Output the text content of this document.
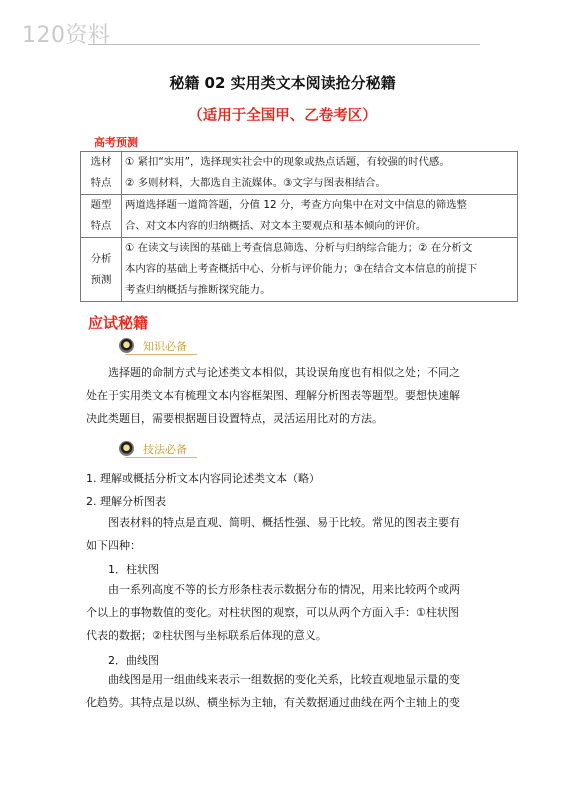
120资料
秘籍 02 实用类文本阅读抢分秘籍
（适用于全国甲、乙卷考区）
高考预测
选材
特点	① 紧扣“实用”，选择现实社会中的现象或热点话题，有较强的时代感。
② 多则材料，大都选自主流媒体。③文字与图表相结合。

题型
特点	两道选择题一道简答题，分值 12 分，考查方向集中在对文中信息的筛选整
合、对文本内容的归纳概括、对文本主要观点和基本倾向的评价。

分析
预测	① 在读文与读图的基础上考查信息筛选、分析与归纳综合能力；② 在分析文
本内容的基础上考查概括中心、分析与评价能力；③在结合文本信息的前提下
考查归纳概括与推断探究能力。
应试秘籍
知识必备
选择题的命制方式与论述类文本相似，其设误角度也有相似之处；不同之
处在于实用类文本有梳理文本内容框架图、理解分析图表等题型。要想快速解
决此类题目，需要根据题目设置特点，灵活运用比对的方法。
技法必备
1. 理解或概括分析文本内容同论述类文本（略）
2. 理解分析图表
图表材料的特点是直观、简明、概括性强、易于比较。常见的图表主要有
如下四种：
1．柱状图
由一系列高度不等的长方形条柱表示数据分布的情况，用来比较两个或两
个以上的事物数值的变化。对柱状图的观察，可以从两个方面入手：①柱状图
代表的数据；②柱状图与坐标联系后体现的意义。
2．曲线图
曲线图是用一组曲线来表示一组数据的变化关系，比较直观地显示量的变
化趋势。其特点是以纵、横坐标为主轴，有关数据通过曲线在两个主轴上的变
